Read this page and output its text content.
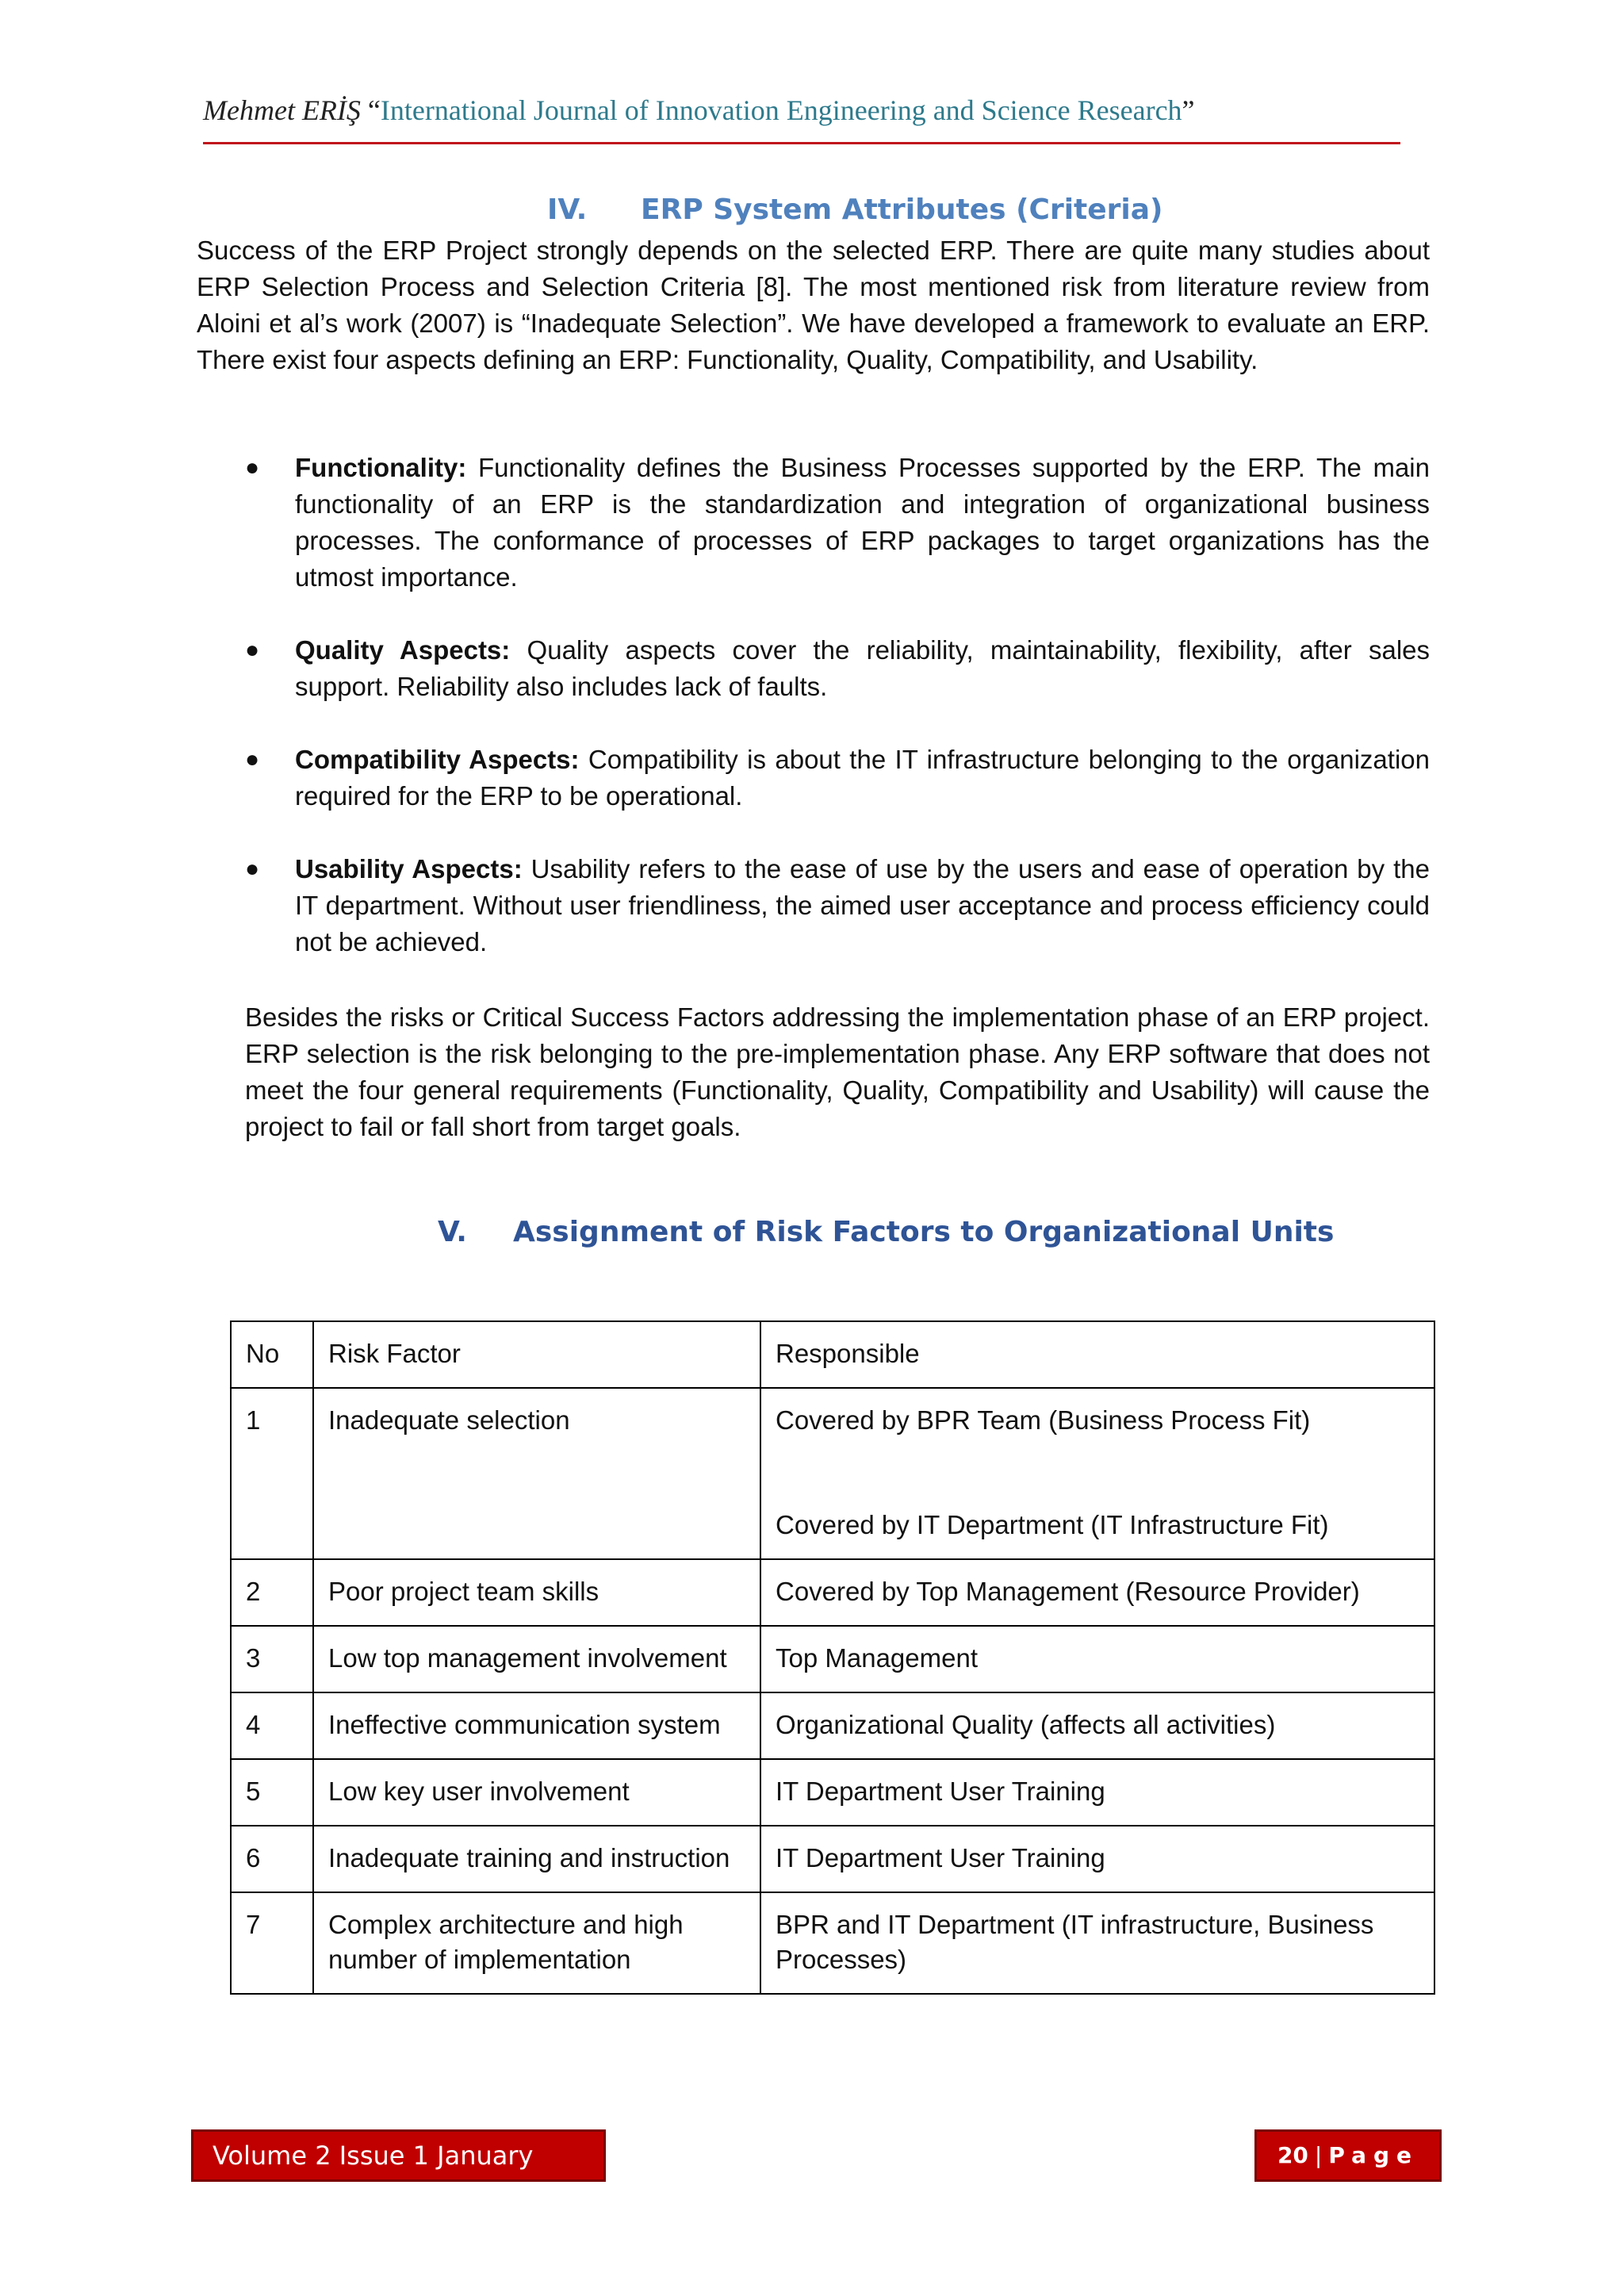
Mehmet ERİŞ “International Journal of Innovation Engineering and Science Research”
IV. ERP System Attributes (Criteria)

Success of the ERP Project strongly depends on the selected ERP. There are quite many studies about ERP Selection Process and Selection Criteria [8]. The most mentioned risk from literature review from Aloini et al’s work (2007) is “Inadequate Selection”. We have developed a framework to evaluate an ERP. There exist four aspects defining an ERP: Functionality, Quality, Compatibility, and Usability.

● Functionality: Functionality defines the Business Processes supported by the ERP. The main functionality of an ERP is the standardization and integration of organizational business processes. The conformance of processes of ERP packages to target organizations has the utmost importance.
● Quality Aspects: Quality aspects cover the reliability, maintainability, flexibility, after sales support. Reliability also includes lack of faults.
● Compatibility Aspects: Compatibility is about the IT infrastructure belonging to the organization required for the ERP to be operational.
● Usability Aspects: Usability refers to the ease of use by the users and ease of operation by the IT department. Without user friendliness, the aimed user acceptance and process efficiency could not be achieved.

Besides the risks or Critical Success Factors addressing the implementation phase of an ERP project. ERP selection is the risk belonging to the pre-implementation phase. Any ERP software that does not meet the four general requirements (Functionality, Quality, Compatibility and Usability) will cause the project to fail or fall short from target goals.

V. Assignment of Risk Factors to Organizational Units
No	Risk Factor	Responsible
1	Inadequate selection	Covered by BPR Team (Business Process Fit)
Covered by IT Department (IT Infrastructure Fit)
2	Poor project team skills	Covered by Top Management (Resource Provider)
3	Low top management involvement	Top Management
4	Ineffective communication system	Organizational Quality (affects all activities)
5	Low key user involvement	IT Department User Training
6	Inadequate training and instruction	IT Department User Training
7	Complex architecture and high number of implementation	BPR and IT Department (IT infrastructure, Business Processes)
Volume 2 Issue 1 January 2018
20 | Page
